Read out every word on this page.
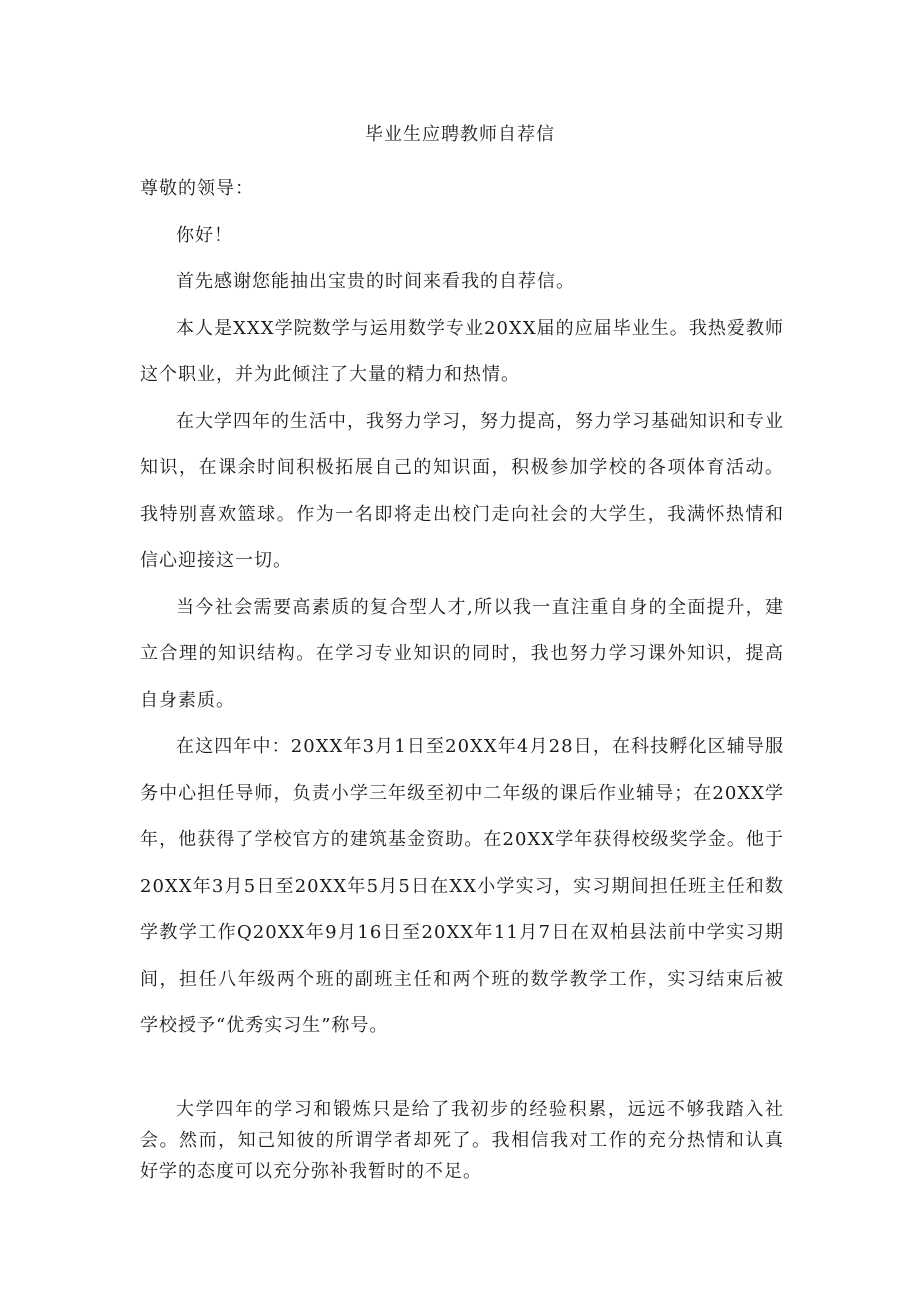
毕业生应聘教师自荐信

尊敬的领导：

你好！

首先感谢您能抽出宝贵的时间来看我的自荐信。

本人是XXX学院数学与运用数学专业20XX届的应届毕业生。我热爱教师这个职业，并为此倾注了大量的精力和热情。

在大学四年的生活中，我努力学习，努力提高，努力学习基础知识和专业知识，在课余时间积极拓展自己的知识面，积极参加学校的各项体育活动。我特别喜欢篮球。作为一名即将走出校门走向社会的大学生，我满怀热情和信心迎接这一切。

当今社会需要高素质的复合型人才,所以我一直注重自身的全面提升，建立合理的知识结构。在学习专业知识的同时，我也努力学习课外知识，提高自身素质。

在这四年中：20XX年3月1日至20XX年4月28日，在科技孵化区辅导服务中心担任导师，负责小学三年级至初中二年级的课后作业辅导；在20XX学年，他获得了学校官方的建筑基金资助。在20XX学年获得校级奖学金。他于20XX年3月5日至20XX年5月5日在XX小学实习，实习期间担任班主任和数学教学工作Q20XX年9月16日至20XX年11月7日在双柏县法前中学实习期间，担任八年级两个班的副班主任和两个班的数学教学工作，实习结束后被学校授予“优秀实习生”称号。

大学四年的学习和锻炼只是给了我初步的经验积累，远远不够我踏入社会。然而，知己知彼的所谓学者却死了。我相信我对工作的充分热情和认真好学的态度可以充分弥补我暂时的不足。
